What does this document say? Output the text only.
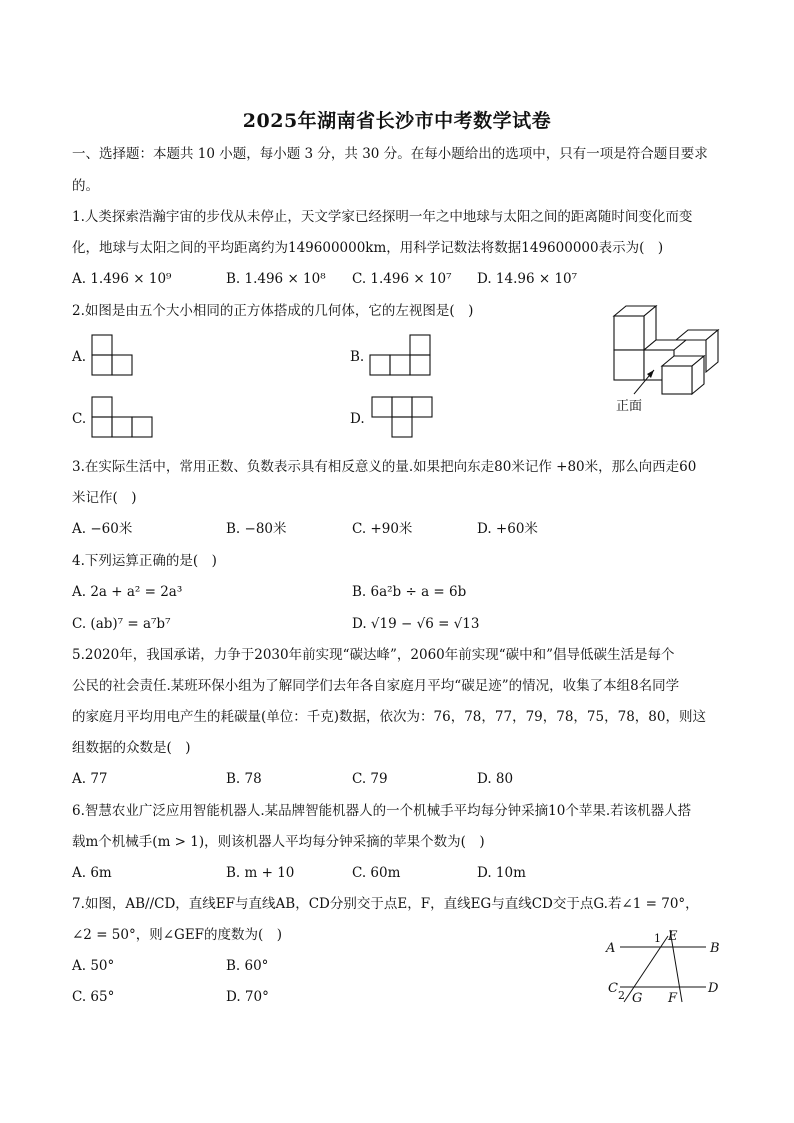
2025年湖南省长沙市中考数学试卷
一、选择题：本题共 10 小题，每小题 3 分，共 30 分。在每小题给出的选项中，只有一项是符合题目要求
的。
1.人类探索浩瀚宇宙的步伐从未停止，天文学家已经探明一年之中地球与太阳之间的距离随时间变化而变
化，地球与太阳之间的平均距离约为149600000km，用科学记数法将数据149600000表示为(　)
A. 1.496 × 10⁹	B. 1.496 × 10⁸ C. 1.496 × 10⁷ D. 14.96 × 10⁷
2.如图是由五个大小相同的正方体搭成的几何体，它的左视图是(　)
A.	B.
C.	D.
正面
3.在实际生活中，常用正数、负数表示具有相反意义的量.如果把向东走80米记作 +80米，那么向西走60
米记作(　)
A. −60米	B. −80米	C. +90米	D. +60米
4.下列运算正确的是(　)
A. 2a + a² = 2a³	B. 6a²b ÷ a = 6b
C. (ab)⁷ = a⁷b⁷	D. √19 − √6 = √13
5.2020年，我国承诺，力争于2030年前实现“碳达峰”，2060年前实现“碳中和”倡导低碳生活是每个
公民的社会责任.某班环保小组为了解同学们去年各自家庭月平均“碳足迹”的情况，收集了本组8名同学
的家庭月平均用电产生的耗碳量(单位：千克)数据，依次为：76，78，77，79，78，75，78，80，则这
组数据的众数是(　)
A. 77	B. 78	C. 79	D. 80
6.智慧农业广泛应用智能机器人.某品牌智能机器人的一个机械手平均每分钟采摘10个苹果.若该机器人搭
载m个机械手(m > 1)，则该机器人平均每分钟采摘的苹果个数为(　)
A. 6m	B. m + 10	C. 60m	D. 10m
7.如图，AB//CD，直线EF与直线AB，CD分别交于点E，F，直线EG与直线CD交于点G.若∠1 = 70°，
∠2 = 50°，则∠GEF的度数为(　)
A. 50°	B. 60°
C. 65°	D. 70°
A	B
C	D
E
F
G
1
2
